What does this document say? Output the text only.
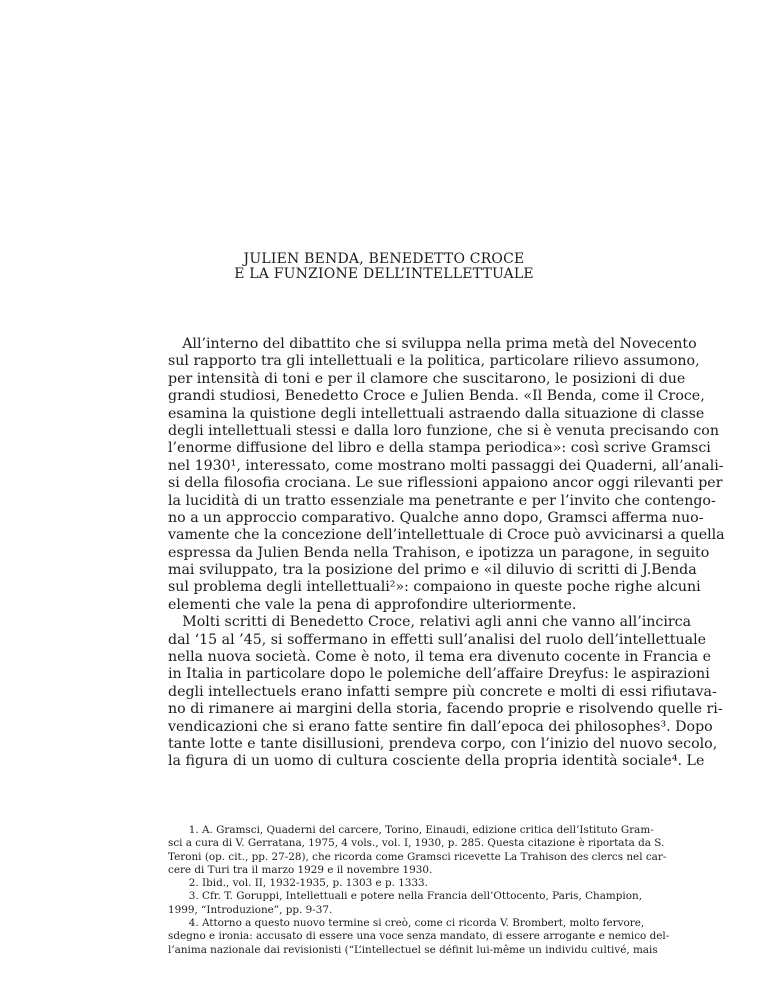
JULIEN BENDA, BENEDETTO CROCE
E LA FUNZIONE DELL’INTELLETTUALE
 All’interno del dibattito che si sviluppa nella prima metà del Novecento
sul rapporto tra gli intellettuali e la politica, particolare rilievo assumono,
per intensità di toni e per il clamore che suscitarono, le posizioni di due
grandi studiosi, Benedetto Croce e Julien Benda. «Il Benda, come il Croce,
esamina la quistione degli intellettuali astraendo dalla situazione di classe
degli intellettuali stessi e dalla loro funzione, che si è venuta precisando con
l’enorme diffusione del libro e della stampa periodica»: così scrive Gramsci
nel 1930¹, interessato, come mostrano molti passaggi dei Quaderni, all’anali-
si della filosofia crociana. Le sue riflessioni appaiono ancor oggi rilevanti per
la lucidità di un tratto essenziale ma penetrante e per l’invito che contengo-
no a un approccio comparativo. Qualche anno dopo, Gramsci afferma nuo-
vamente che la concezione dell’intellettuale di Croce può avvicinarsi a quella
espressa da Julien Benda nella Trahison, e ipotizza un paragone, in seguito
mai sviluppato, tra la posizione del primo e «il diluvio di scritti di J.Benda
sul problema degli intellettuali²»: compaiono in queste poche righe alcuni
elementi che vale la pena di approfondire ulteriormente.
 Molti scritti di Benedetto Croce, relativi agli anni che vanno all’incirca
dal ‘15 al ’45, si soffermano in effetti sull’analisi del ruolo dell’intellettuale
nella nuova società. Come è noto, il tema era divenuto cocente in Francia e
in Italia in particolare dopo le polemiche dell’affaire Dreyfus: le aspirazioni
degli intellectuels erano infatti sempre più concrete e molti di essi rifiutava-
no di rimanere ai margini della storia, facendo proprie e risolvendo quelle ri-
vendicazioni che si erano fatte sentire fin dall’epoca dei philosophes³. Dopo
tante lotte e tante disillusioni, prendeva corpo, con l’inizio del nuovo secolo,
la figura di un uomo di cultura cosciente della propria identità sociale⁴. Le
  1. A. Gramsci, Quaderni del carcere, Torino, Einaudi, edizione critica dell’Istituto Gram-
sci a cura di V. Gerratana, 1975, 4 vols., vol. I, 1930, p. 285. Questa citazione è riportata da S.
Teroni (op. cit., pp. 27-28), che ricorda come Gramsci ricevette La Trahison des clercs nel car-
cere di Turi tra il marzo 1929 e il novembre 1930.
  2. Ibid., vol. II, 1932-1935, p. 1303 e p. 1333.
  3. Cfr. T. Goruppi, Intellettuali e potere nella Francia dell’Ottocento, Paris, Champion,
1999, “Introduzione”, pp. 9-37.
  4. Attorno a questo nuovo termine si creò, come ci ricorda V. Brombert, molto fervore,
sdegno e ironia: accusato di essere una voce senza mandato, di essere arrogante e nemico del-
l’anima nazionale dai revisionisti (“L’intellectuel se définit lui-même un individu cultivé, mais
